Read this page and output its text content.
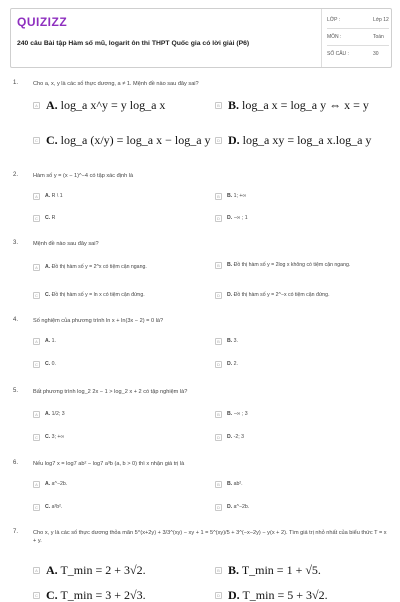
QUIZIZZ
240 câu Bài tập Hàm số mũ, logarit ôn thi THPT Quốc gia có lời giải (P6)
LỚP :	Lớp 12
MÔN :	Toán
SỐ CÂU :	30
1.	Cho a, x, y là các số thực dương, a ≠ 1. Mệnh đề nào sau đây sai?
A A. log_a x^y = y log_a x	B B. log_a x = log_a y ⇔ x = y
C C. log_a (x/y) = log_a x − log_a y	D D. log_a xy = log_a x.log_a y
2.	Hàm số y = (x − 1)^−4 có tập xác định là
A	A. R \ 1	B	B. 1; +∞
C	C. R	D	D. −∞ ; 1
3.	Mệnh đề nào sau đây sai?
A	A. Đồ thị hàm số y = 2^x có tiệm cận ngang.	B	B. Đồ thị hàm số y = 2log x không có tiệm cận ngang.
C	C. Đồ thị hàm số y = ln x có tiệm cận đứng.	D	D. Đồ thị hàm số y = 2^−x có tiệm cận đứng.
4.	Số nghiệm của phương trình ln x + ln(3x − 2) = 0 là?
A	A. 1.	B	B. 3.
C	C. 0.	D	D. 2.
5.	Bất phương trình log_2 2x − 1 > log_2 x + 2 có tập nghiệm là?
A	A. 1/2; 3	B	B. −∞ ; 3
C	C. 3; +∞	D	D. -2; 3
6.	Nếu log7 x = log7 ab² − log7 a³b (a, b > 0) thì x nhận giá trị là
A	A. a^−2b.	B	B. ab².
C	C. a²b².	D	D. a^−2b.
7.	Cho x, y là các số thực dương thỏa mãn 5^(x+2y) + 3/3^(xy) − xy + 1 = 5^(xy)/5 + 3^(−x−2y) − y(x + 2). Tìm giá trị nhỏ nhất của biểu thức T = x + y.
A A. T_min = 2 + 3√2.	B B. T_min = 1 + √5.
C C. T_min = 3 + 2√3.	D D. T_min = 5 + 3√2.
